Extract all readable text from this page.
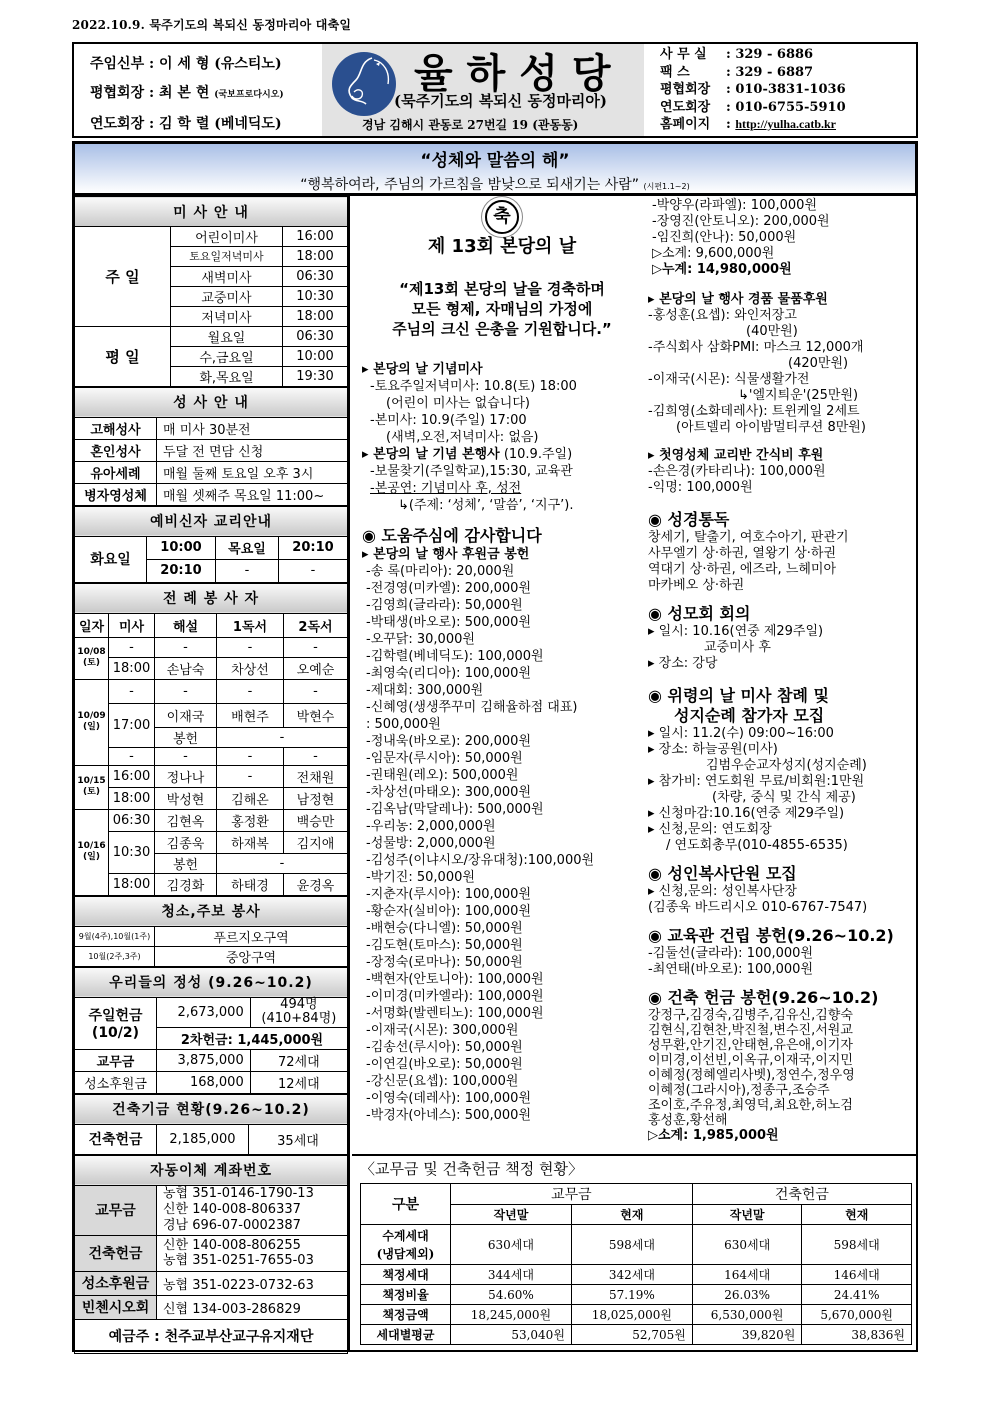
2022.10.9. 묵주기도의 복되신 동정마리아 대축일
주임신부 : 이 세 형 (유스티노)
평협회장 : 최 본 현 (국보프로다시오)
연도회장 : 김 학 렬 (베네딕도)
율하성당
(묵주기도의 복되신 동정마리아)
경남 김해시 관동로 27번길 19 (관동동)
사 무 실 : 329 - 6886
팩 스	: 329 - 6887
평협회장 : 010-3831-1036
연도회장 : 010-6755-5910
홈페이지 : http://yulha.catb.kr
“성체와 말씀의 해”
“행복하여라, 주님의 가르침을 밤낮으로 되새기는 사람” (시편1.1~2)
미 사 안 내		
주 일	어린이미사	16:00
	토요일저녁미사	18:00
	새벽미사	06:30
	교중미사	10:30
	저녁미사	18:00
평 일	월요일	06:30
	수,금요일	10:00
	화,목요일	19:30
성 사 안 내	
고해성사	매 미사 30분전
혼인성사	두달 전 면담 신청
유아세례	매월 둘째 토요일 오후 3시
병자영성체	매월 셋째주 목요일 11:00~
예비신자 교리안내			
화요일	10:00	목요일	20:10
	20:10	-	-
전 례 봉 사 자				
일자	미사	해설	1독서	2독서
10/08
(토)	-	-	-	-
	18:00	손남숙	차상선	오예순
10/09
(일)	-	-	-	-
	17:00	이재국	배현주	박현수
		봉헌	-	
	-	-	-	-
10/15
(토)	16:00	정나나	-	전채원
	18:00	박성현	김해온	남정현
10/16
(일)	06:30	김현옥	홍정환	백승만
	10:30	김종욱	하재복	김지애
		봉헌	-	
	18:00	김경화	하태경	윤경옥
청소,주보 봉사	
9월(4주),10월(1주)	푸르지오구역
10월(2주,3주)	중앙구역
우리들의 정성 (9.26~10.2)		
주일헌금
(10/2)	2,673,000	494명
(410+84명)
	2차헌금: 1,445,000원	
교무금	3,875,000	72세대
성소후원금	168,000	12세대
건축기금 현황(9.26~10.2)
건축헌금	2,185,000	35세대
자동이체 계좌번호	
교무금	농협 351-0146-1790-13
신한 140-008-806337
경남 696-07-0002387

건축헌금	신한 140-008-806255
농협 351-0251-7655-03

성소후원금	농협 351-0223-0732-63
빈첸시오회	신협 134-003-286829
예금주 : 천주교부산교구유지재단	
축
제 13회 본당의 날
“제13회 본당의 날을 경축하며
모든 형제, 자매님의 가정에
주님의 크신 은총을 기원합니다.”
▸ 본당의 날 기념미사
-토요주일저녁미사: 10.8(토) 18:00
(어린이 미사는 없습니다)
-본미사: 10.9(주일) 17:00
(새벽,오전,저녁미사: 없음)
▸ 본당의 날 기념 본행사 (10.9.주일)
-보물찾기(주일학교),15:30, 교육관
-본공연: 기념미사 후, 성전
↳(주제: ‘성체’, ‘말씀’, ‘지구’).
◉ 도움주심에 감사합니다
▸ 본당의 날 행사 후원금 봉헌
-송 록(마리아): 20,000원
-전경영(미카엘): 200,000원
-김영희(글라라): 50,000원
-박태생(바오로): 500,000원
-오꾸닭: 30,000원
-김학렬(베네딕도): 100,000원
-최영숙(리디아): 100,000원
-제대회: 300,000원
-신혜영(생생쭈꾸미 김해율하점 대표)
: 500,000원
-정내욱(바오로): 200,000원
-임문자(루시아): 50,000원
-권태원(레오): 500,000원
-차상선(마태오): 300,000원
-김옥남(막달레나): 500,000원
-우리농: 2,000,000원
-성물방: 2,000,000원
-김성주(이냐시오/장유대청):100,000원
-박기진: 50,000원
-지춘자(루시아): 100,000원
-황순자(실비아): 100,000원
-배현승(다니엘): 50,000원
-김도현(토마스): 50,000원
-장정숙(로마나): 50,000원
-백현자(안토니아): 100,000원
-이미경(미카엘라): 100,000원
-서명화(발렌티노): 100,000원
-이재국(시몬): 300,000원
-김송선(루시아): 50,000원
-이연길(바오로): 50,000원
-강신문(요셉): 100,000원
-이영숙(데레사): 100,000원
-박경자(아네스): 500,000원
-박양우(라파엘): 100,000원
-장영진(안토니오): 200,000원
-임진희(안나): 50,000원
▷소계: 9,600,000원
▷누계: 14,980,000원
▸ 본당의 날 행사 경품 물품후원
-홍성훈(요셉): 와인저장고
(40만원)
-주식회사 삼화PMI: 마스크 12,000개
(420만원)
-이재국(시몬): 식물생활가전
↳'엘지틔운'(25만원)
-김희영(소화데레사): 트윈케일 2세트
(아트델리 아이밤멀티쿠션 8만원)
▸ 첫영성체 교리반 간식비 후원
-손은경(카타리나): 100,000원
-익명: 100,000원
◉ 성경통독
창세기, 탈출기, 여호수아기, 판관기
사무엘기 상·하권, 열왕기 상·하권
역대기 상·하권, 에즈라, 느헤미아
마카베오 상·하권
◉ 성모회 회의
▸ 일시: 10.16(연중 제29주일)
교중미사 후
▸ 장소: 강당
◉ 위령의 날 미사 참례 및
성지순례 참가자 모집
▸ 일시: 11.2(수) 09:00~16:00
▸ 장소: 하늘공원(미사)
김범우순교자성지(성지순례)
▸ 참가비: 연도회원 무료/비회원:1만원
(차량, 중식 및 간식 제공)
▸ 신청마감:10.16(연중 제29주일)
▸ 신청,문의: 연도회장
/ 연도회총무(010-4855-6535)
◉ 성인복사단원 모집
▸ 신청,문의: 성인복사단장
(김종욱 바드리시오 010-6767-7547)
◉ 교육관 건립 봉헌(9.26~10.2)
-김둘선(글라라): 100,000원
-최연태(바오로): 100,000원
◉ 건축 헌금 봉헌(9.26~10.2)
강정구,김경숙,김병주,김유신,김향숙
김현식,김현찬,박진철,변수진,서원교
성무환,안기진,안태현,유은애,이기자
이미경,이선빈,이옥규,이재국,이지민
이혜정(정혜엘리사벳),정연수,정우영
이혜정(그라시아),정종구,조승주
조이호,주유정,최영덕,최요한,허노검
홍성훈,황선해
▷소계: 1,985,000원
〈교무금 및 건축헌금 책정 현황〉
구분	교무금		건축헌금	
	작년말	현재	작년말	현재
수계세대
(냉담제외)	630세대	598세대	630세대	598세대
책정세대	344세대	342세대	164세대	146세대
책정비율	54.60%	57.19%	26.03%	24.41%
책정금액	18,245,000원	18,025,000원	6,530,000원	5,670,000원
세대별평균	53,040원	52,705원	39,820원	38,836원
